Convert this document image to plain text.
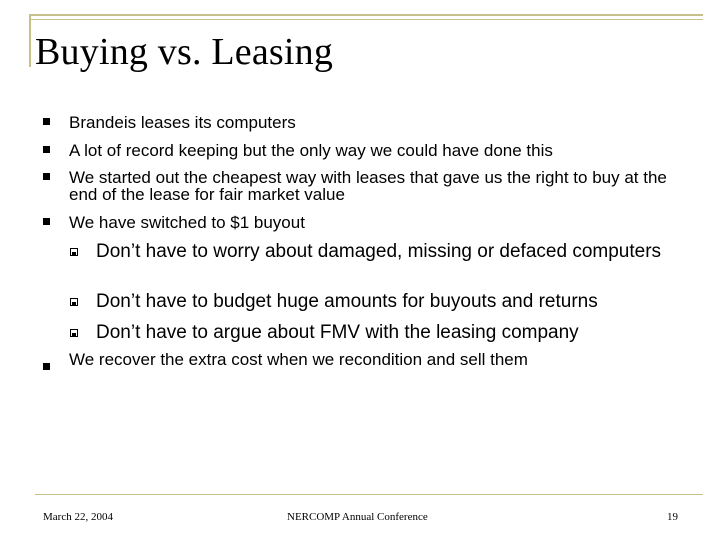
Buying vs. Leasing
Brandeis leases its computers
A lot of record keeping but the only way we could have done this
We started out the cheapest way with leases that gave us the right to buy at the end of the lease for fair market value
We have switched to $1 buyout
Don’t have to worry about damaged, missing or defaced computers
Don’t have to budget huge amounts for buyouts and returns
Don’t have to argue about FMV with the leasing company
We recover the extra cost when we recondition and sell them
March 22, 2004	NERCOMP Annual Conference	19
